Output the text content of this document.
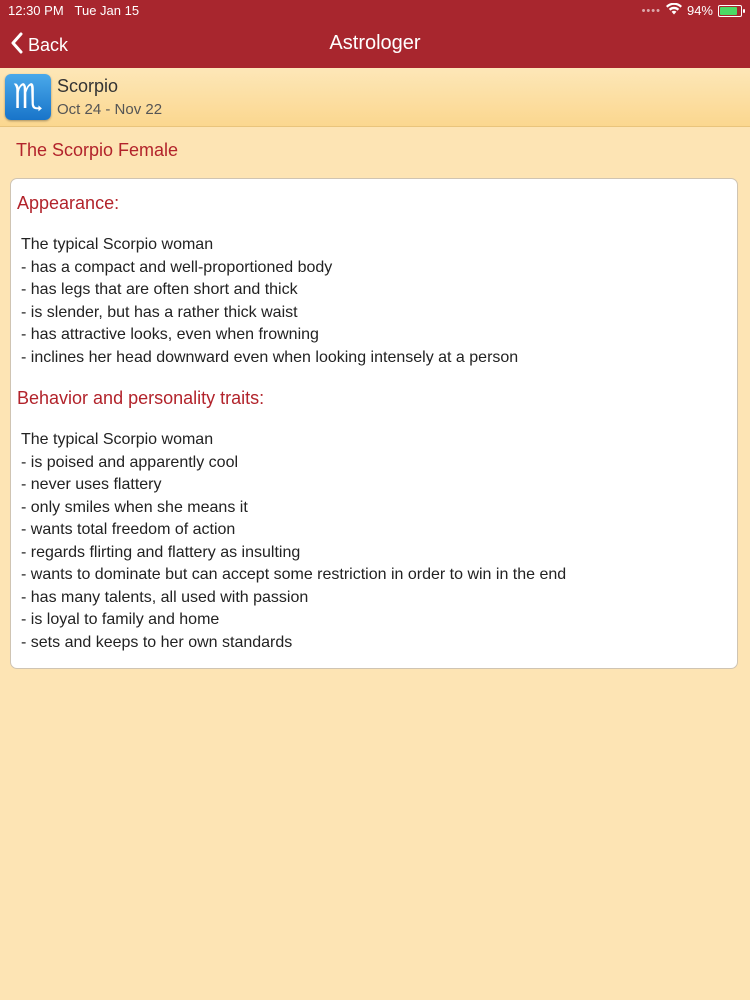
12:30 PM Tue Jan 15	•••• 94%
Back	Astrologer
♏ Scorpio
Oct 24 - Nov 22
The Scorpio Female
Appearance:
The typical Scorpio woman
- has a compact and well-proportioned body
- has legs that are often short and thick
- is slender, but has a rather thick waist
- has attractive looks, even when frowning
- inclines her head downward even when looking intensely at a person
Behavior and personality traits:
The typical Scorpio woman
- is poised and apparently cool
- never uses flattery
- only smiles when she means it
- wants total freedom of action
- regards flirting and flattery as insulting
- wants to dominate but can accept some restriction in order to win in the end
- has many talents, all used with passion
- is loyal to family and home
- sets and keeps to her own standards
